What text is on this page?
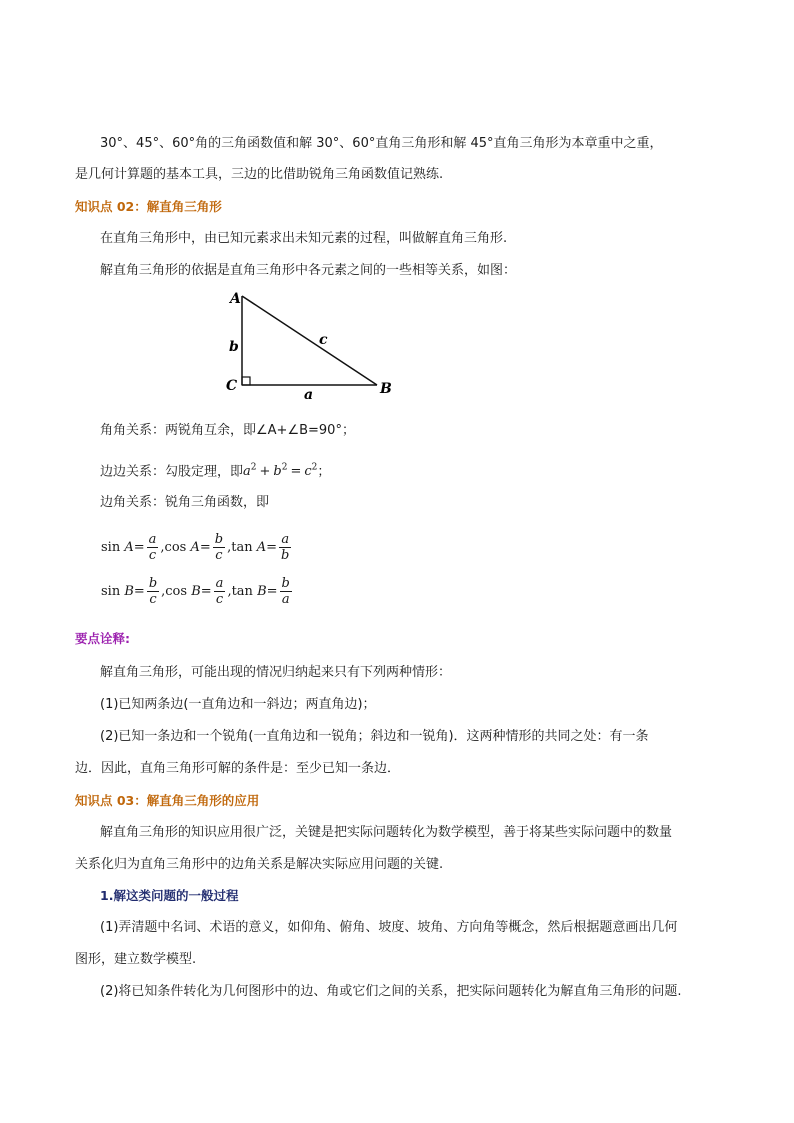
30°、45°、60°角的三角函数值和解 30°、60°直角三角形和解 45°直角三角形为本章重中之重，
是几何计算题的基本工具，三边的比借助锐角三角函数值记熟练.
知识点 02：解直角三角形
在直角三角形中，由已知元素求出未知元素的过程，叫做解直角三角形.
解直角三角形的依据是直角三角形中各元素之间的一些相等关系，如图：
A
b	c
C
a	B
角角关系：两锐角互余，即∠A+∠B=90°；
边边关系：勾股定理，即a$^2$ + b$^2$ = c$^2$；
边角关系：锐角三角函数，即
$\sin A= \frac{a}{c} ,\cos$ $A= \frac{b}{c} ,\tan$ $A= \frac{a}{b}$
$\sin B= \frac{b}{c} ,\cos$ $B= \frac{a}{c} ,\tan$ $B= \frac{b}{a}$
要点诠释:
解直角三角形，可能出现的情况归纳起来只有下列两种情形：
(1)已知两条边(一直角边和一斜边；两直角边)；
(2)已知一条边和一个锐角(一直角边和一锐角；斜边和一锐角)．这两种情形的共同之处：有一条
边．因此，直角三角形可解的条件是：至少已知一条边．
知识点 03：解直角三角形的应用
解直角三角形的知识应用很广泛，关键是把实际问题转化为数学模型，善于将某些实际问题中的数量
关系化归为直角三角形中的边角关系是解决实际应用问题的关键.
1.解这类问题的一般过程
(1)弄清题中名词、术语的意义，如仰角、俯角、坡度、坡角、方向角等概念，然后根据题意画出几何
图形，建立数学模型.
(2)将已知条件转化为几何图形中的边、角或它们之间的关系，把实际问题转化为解直角三角形的问题.
